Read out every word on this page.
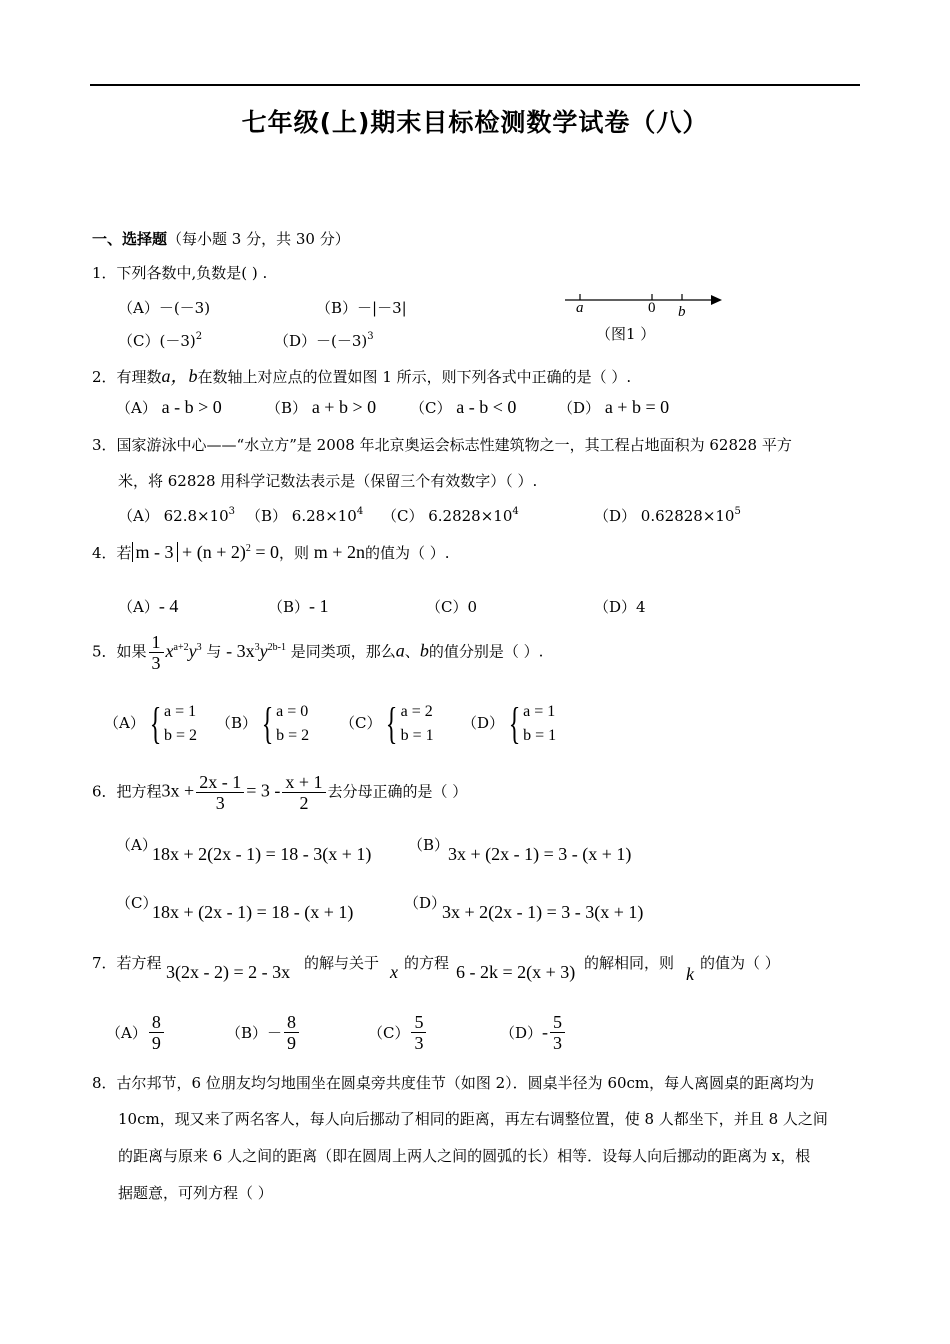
七年级(上)期末目标检测数学试卷（八）
一、选择题（每小题 3 分，共 30 分）
1．下列各数中,负数是( ) .
（A）－(－3)	（B）－|－3|
$(C)(-3)^2$	$(D)-(-3)^3$
a	0 b
（图1 ）
2．有理数a，b在数轴上对应点的位置如图 1 所示，则下列各式中正确的是（ ）.
（A） a - b > 0	（B） a + b > 0 （C） a - b < 0	（D） a + b = 0
3．国家游泳中心——“水立方”是 2008 年北京奥运会标志性建筑物之一，其工程占地面积为 62828 平方
米，将 62828 用科学记数法表示是（保留三个有效数字）（ ）.
（A） $62.8\times 10^3$ （B） $6.28\times 10^4$ （C） $6.2828\times 10^4$	（D） $0.62828\times 10^5$
4．若 $m - 3 + (n + 2)^2 = 0$，则 m + 2n的值为（ ）.
（A）- 4	（B）- 1	（C）0	（D）4
5．如果 $\frac{1}{3} x^{a+2}y^3$ 与 - $3x^3y^{2b-1}$ 是同类项，那么a、b的值分别是（ ）.
（A） { a = 1
b = 2
（B） { a = 0
b = 2
（C） { a = 2
b = 1
（D） { a = 1
b = 1
6．把方程$3x + \frac{2x - 1}{3} = 3 - \frac{x + 1}{2}$ 去分母正确的是（ ）
（A）
18x + 2(2x - 1) = 18 - 3(x + 1) （B）
3x + (2x - 1) = 3 - (x + 1)
（C）
18x + (2x - 1) = 18 - (x + 1)	（D）
3x + 2(2x - 1) = 3 - 3(x + 1)
7．若方程 3(2x - 2) = 2 - 3x 的解与关于 x 的方程 6 - 2k = 2(x + 3) 的解相同，则
k
的值为（ ）
$(A) \frac{8}{9}$	$(B)- \frac{8}{9}$	$(C) \frac{5}{3}$	$(D)- \frac{5}{3}$
8．古尔邦节，6 位朋友均匀地围坐在圆桌旁共度佳节（如图 2）．圆桌半径为 60cm，每人离圆桌的距离均为
10cm，现又来了两名客人，每人向后挪动了相同的距离，再左右调整位置，使 8 人都坐下，并且 8 人之间
的距离与原来 6 人之间的距离（即在圆周上两人之间的圆弧的长）相等．设每人向后挪动的距离为 x，根
据题意，可列方程（ ）
